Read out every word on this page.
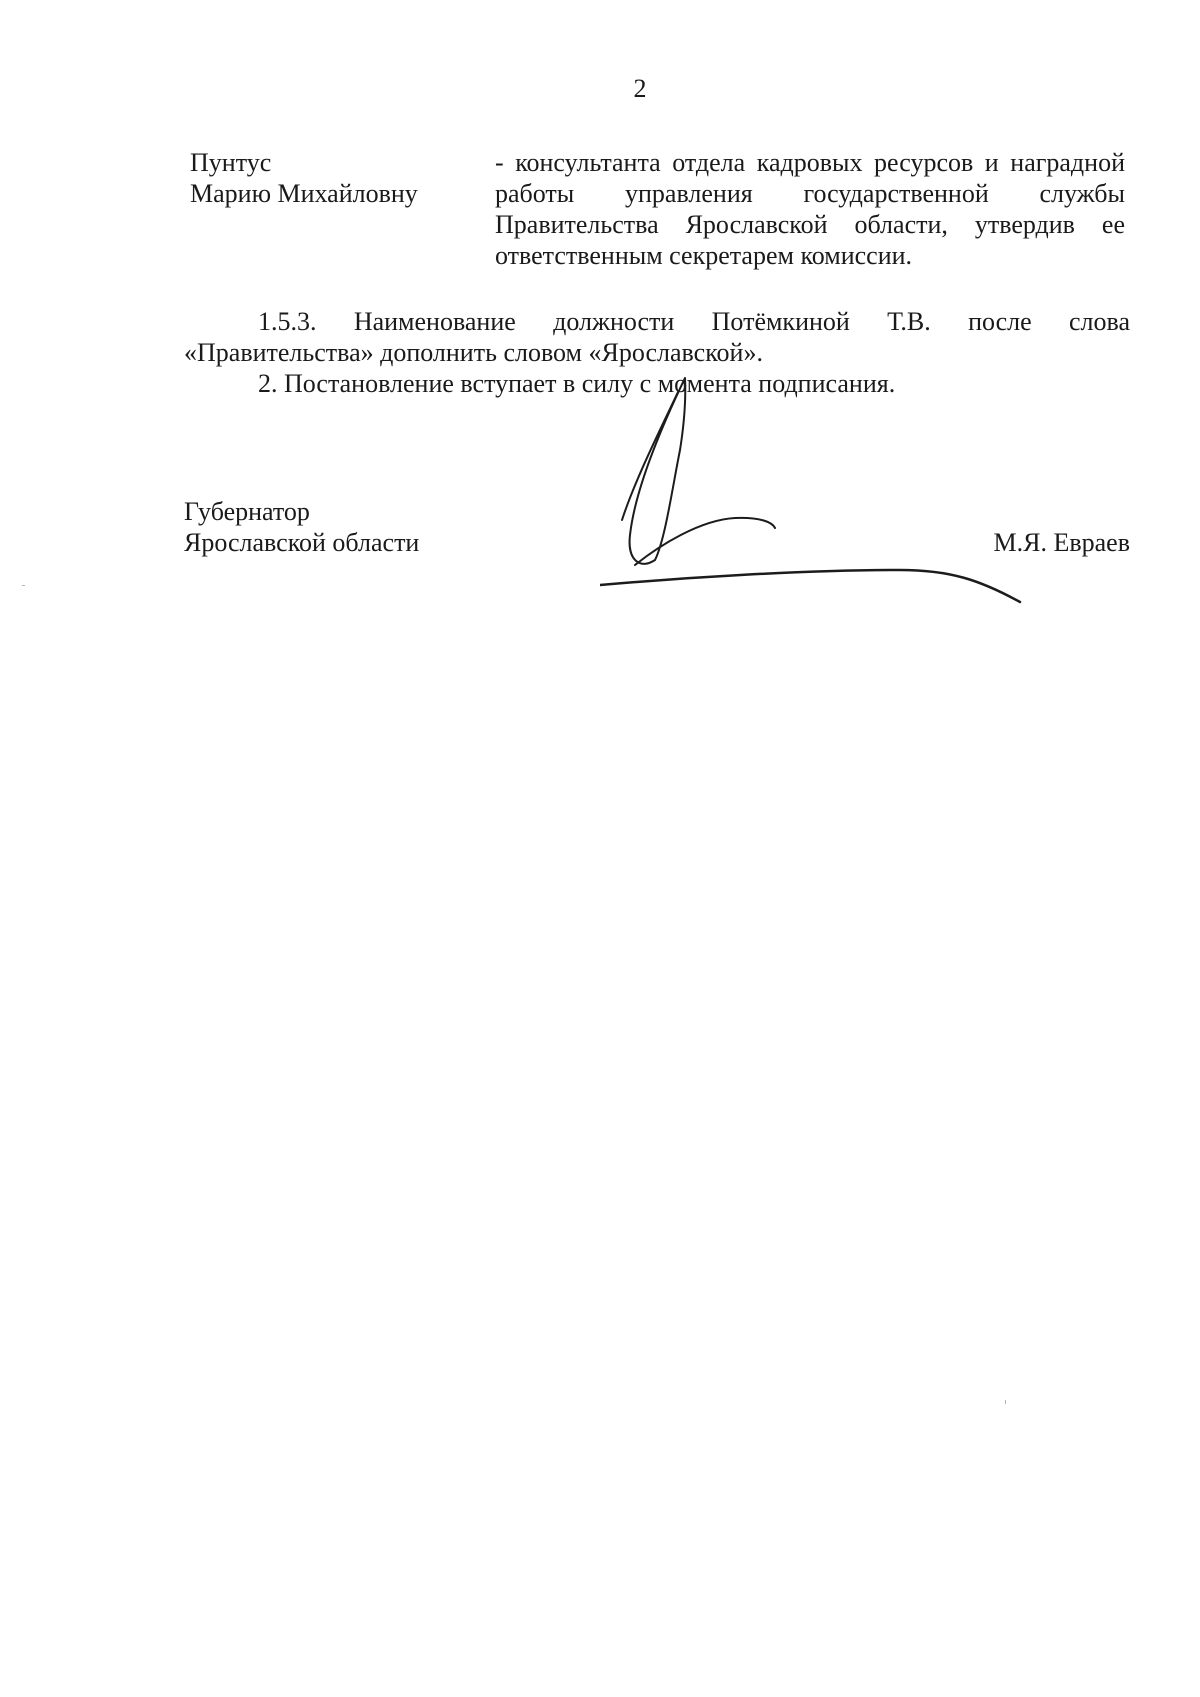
2
Пунтус
Марию Михайловну
- консультанта отдела кадровых ресурсов и наградной работы управления государственной службы Правительства Ярославской области, утвердив ее ответственным секретарем комиссии.

1.5.3. Наименование должности Потёмкиной Т.В. после слова «Правительства» дополнить словом «Ярославской».

2. Постановление вступает в силу с момента подписания.

Губернатор
Ярославской области	М.Я. Евраев
